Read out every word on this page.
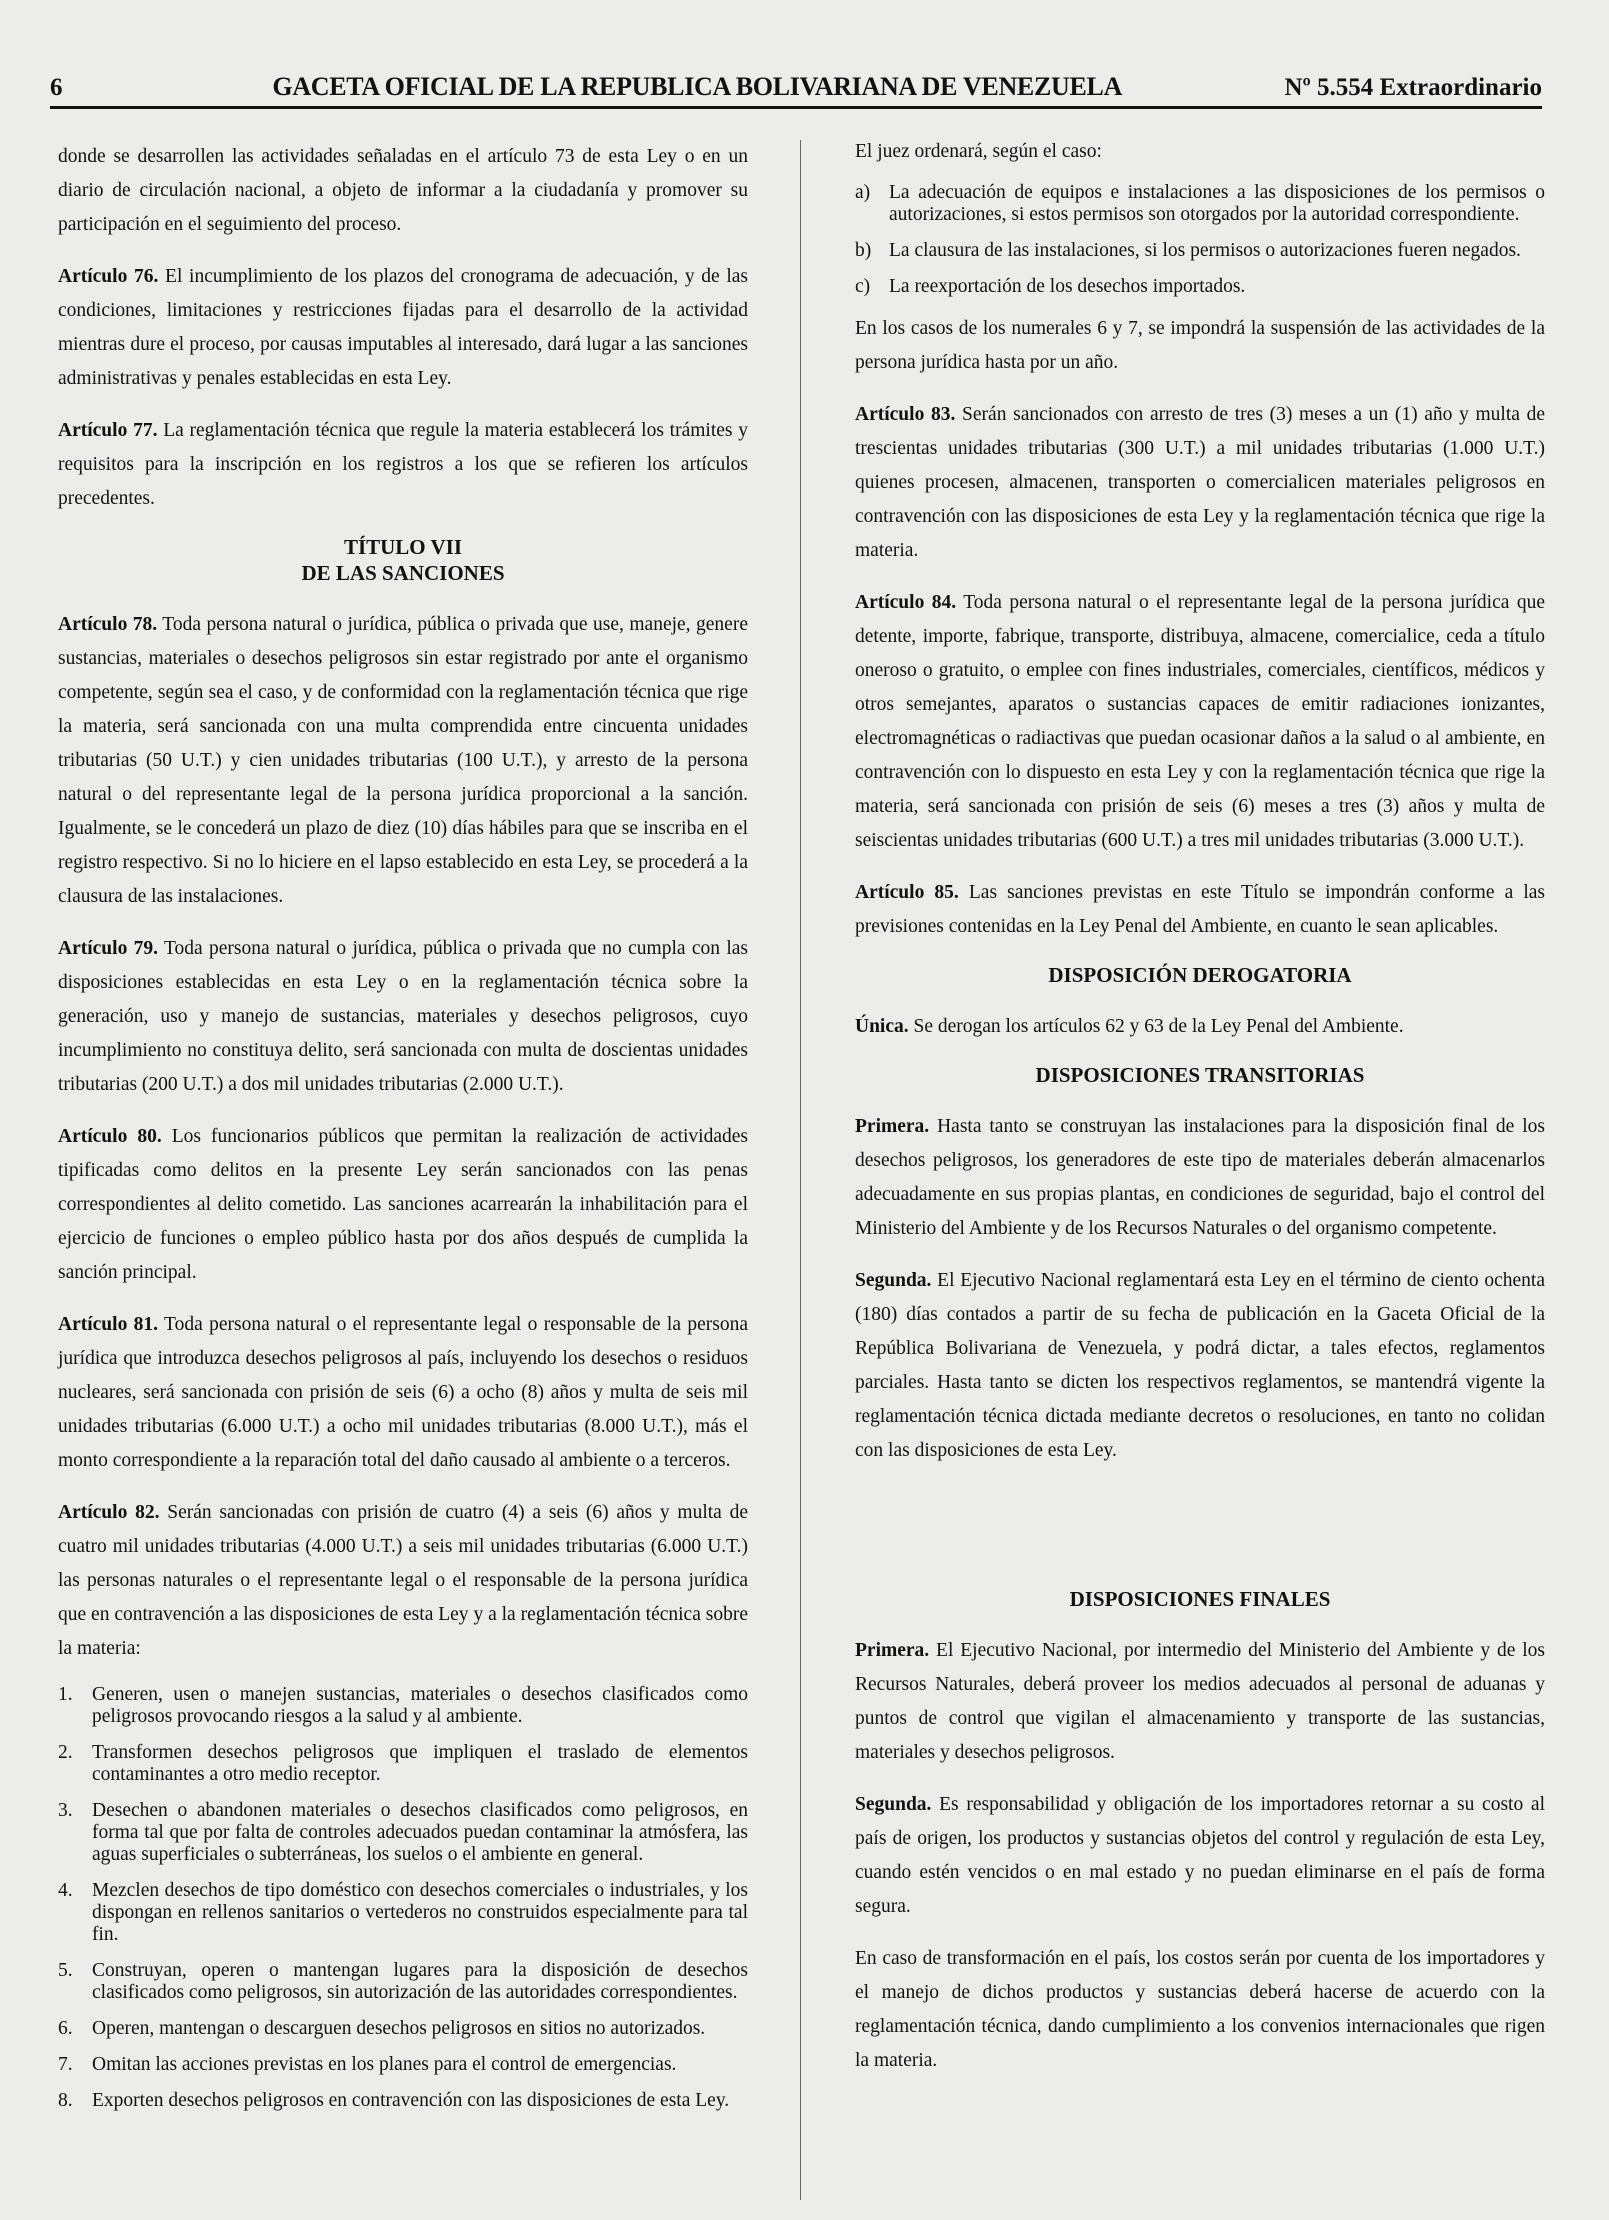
6	GACETA OFICIAL DE LA REPUBLICA BOLIVARIANA DE VENEZUELA	Nº 5.554 Extraordinario

donde se desarrollen las actividades señaladas en el artículo 73 de esta Ley o en un diario de circulación nacional, a objeto de informar a la ciudadanía y promover su participación en el seguimiento del proceso.

Artículo 76. El incumplimiento de los plazos del cronograma de adecuación, y de las condiciones, limitaciones y restricciones fijadas para el desarrollo de la actividad mientras dure el proceso, por causas imputables al interesado, dará lugar a las sanciones administrativas y penales establecidas en esta Ley.

Artículo 77. La reglamentación técnica que regule la materia establecerá los trámites y requisitos para la inscripción en los registros a los que se refieren los artículos precedentes.

TÍTULO VII
DE LAS SANCIONES

Artículo 78. Toda persona natural o jurídica, pública o privada que use, maneje, genere sustancias, materiales o desechos peligrosos sin estar registrado por ante el organismo competente, según sea el caso, y de conformidad con la reglamentación técnica que rige la materia, será sancionada con una multa comprendida entre cincuenta unidades tributarias (50 U.T.) y cien unidades tributarias (100 U.T.), y arresto de la persona natural o del representante legal de la persona jurídica proporcional a la sanción. Igualmente, se le concederá un plazo de diez (10) días hábiles para que se inscriba en el registro respectivo. Si no lo hiciere en el lapso establecido en esta Ley, se procederá a la clausura de las instalaciones.

Artículo 79. Toda persona natural o jurídica, pública o privada que no cumpla con las disposiciones establecidas en esta Ley o en la reglamentación técnica sobre la generación, uso y manejo de sustancias, materiales y desechos peligrosos, cuyo incumplimiento no constituya delito, será sancionada con multa de doscientas unidades tributarias (200 U.T.) a dos mil unidades tributarias (2.000 U.T.).

Artículo 80. Los funcionarios públicos que permitan la realización de actividades tipificadas como delitos en la presente Ley serán sancionados con las penas correspondientes al delito cometido. Las sanciones acarrearán la inhabilitación para el ejercicio de funciones o empleo público hasta por dos años después de cumplida la sanción principal.

Artículo 81. Toda persona natural o el representante legal o responsable de la persona jurídica que introduzca desechos peligrosos al país, incluyendo los desechos o residuos nucleares, será sancionada con prisión de seis (6) a ocho (8) años y multa de seis mil unidades tributarias (6.000 U.T.) a ocho mil unidades tributarias (8.000 U.T.), más el monto correspondiente a la reparación total del daño causado al ambiente o a terceros.

Artículo 82. Serán sancionadas con prisión de cuatro (4) a seis (6) años y multa de cuatro mil unidades tributarias (4.000 U.T.) a seis mil unidades tributarias (6.000 U.T.) las personas naturales o el representante legal o el responsable de la persona jurídica que en contravención a las disposiciones de esta Ley y a la reglamentación técnica sobre la materia:

1. Generen, usen o manejen sustancias, materiales o desechos clasificados como peligrosos provocando riesgos a la salud y al ambiente.
2. Transformen desechos peligrosos que impliquen el traslado de elementos contaminantes a otro medio receptor.
3. Desechen o abandonen materiales o desechos clasificados como peligrosos, en forma tal que por falta de controles adecuados puedan contaminar la atmósfera, las aguas superficiales o subterráneas, los suelos o el ambiente en general.
4. Mezclen desechos de tipo doméstico con desechos comerciales o industriales, y los dispongan en rellenos sanitarios o vertederos no construidos especialmente para tal fin.
5. Construyan, operen o mantengan lugares para la disposición de desechos clasificados como peligrosos, sin autorización de las autoridades correspondientes.
6. Operen, mantengan o descarguen desechos peligrosos en sitios no autorizados.
7. Omitan las acciones previstas en los planes para el control de emergencias.
8. Exporten desechos peligrosos en contravención con las disposiciones de esta Ley.

El juez ordenará, según el caso:

a) La adecuación de equipos e instalaciones a las disposiciones de los permisos o autorizaciones, si estos permisos son otorgados por la autoridad correspondiente.
b) La clausura de las instalaciones, si los permisos o autorizaciones fueren negados.
c) La reexportación de los desechos importados.

En los casos de los numerales 6 y 7, se impondrá la suspensión de las actividades de la persona jurídica hasta por un año.

Artículo 83. Serán sancionados con arresto de tres (3) meses a un (1) año y multa de trescientas unidades tributarias (300 U.T.) a mil unidades tributarias (1.000 U.T.) quienes procesen, almacenen, transporten o comercialicen materiales peligrosos en contravención con las disposiciones de esta Ley y la reglamentación técnica que rige la materia.

Artículo 84. Toda persona natural o el representante legal de la persona jurídica que detente, importe, fabrique, transporte, distribuya, almacene, comercialice, ceda a título oneroso o gratuito, o emplee con fines industriales, comerciales, científicos, médicos y otros semejantes, aparatos o sustancias capaces de emitir radiaciones ionizantes, electromagnéticas o radiactivas que puedan ocasionar daños a la salud o al ambiente, en contravención con lo dispuesto en esta Ley y con la reglamentación técnica que rige la materia, será sancionada con prisión de seis (6) meses a tres (3) años y multa de seiscientas unidades tributarias (600 U.T.) a tres mil unidades tributarias (3.000 U.T.).

Artículo 85. Las sanciones previstas en este Título se impondrán conforme a las previsiones contenidas en la Ley Penal del Ambiente, en cuanto le sean aplicables.

DISPOSICIÓN DEROGATORIA

Única. Se derogan los artículos 62 y 63 de la Ley Penal del Ambiente.

DISPOSICIONES TRANSITORIAS

Primera. Hasta tanto se construyan las instalaciones para la disposición final de los desechos peligrosos, los generadores de este tipo de materiales deberán almacenarlos adecuadamente en sus propias plantas, en condiciones de seguridad, bajo el control del Ministerio del Ambiente y de los Recursos Naturales o del organismo competente.

Segunda. El Ejecutivo Nacional reglamentará esta Ley en el término de ciento ochenta (180) días contados a partir de su fecha de publicación en la Gaceta Oficial de la República Bolivariana de Venezuela, y podrá dictar, a tales efectos, reglamentos parciales. Hasta tanto se dicten los respectivos reglamentos, se mantendrá vigente la reglamentación técnica dictada mediante decretos o resoluciones, en tanto no colidan con las disposiciones de esta Ley.

DISPOSICIONES FINALES

Primera. El Ejecutivo Nacional, por intermedio del Ministerio del Ambiente y de los Recursos Naturales, deberá proveer los medios adecuados al personal de aduanas y puntos de control que vigilan el almacenamiento y transporte de las sustancias, materiales y desechos peligrosos.

Segunda. Es responsabilidad y obligación de los importadores retornar a su costo al país de origen, los productos y sustancias objetos del control y regulación de esta Ley, cuando estén vencidos o en mal estado y no puedan eliminarse en el país de forma segura.

En caso de transformación en el país, los costos serán por cuenta de los importadores y el manejo de dichos productos y sustancias deberá hacerse de acuerdo con la reglamentación técnica, dando cumplimiento a los convenios internacionales que rigen la materia.
